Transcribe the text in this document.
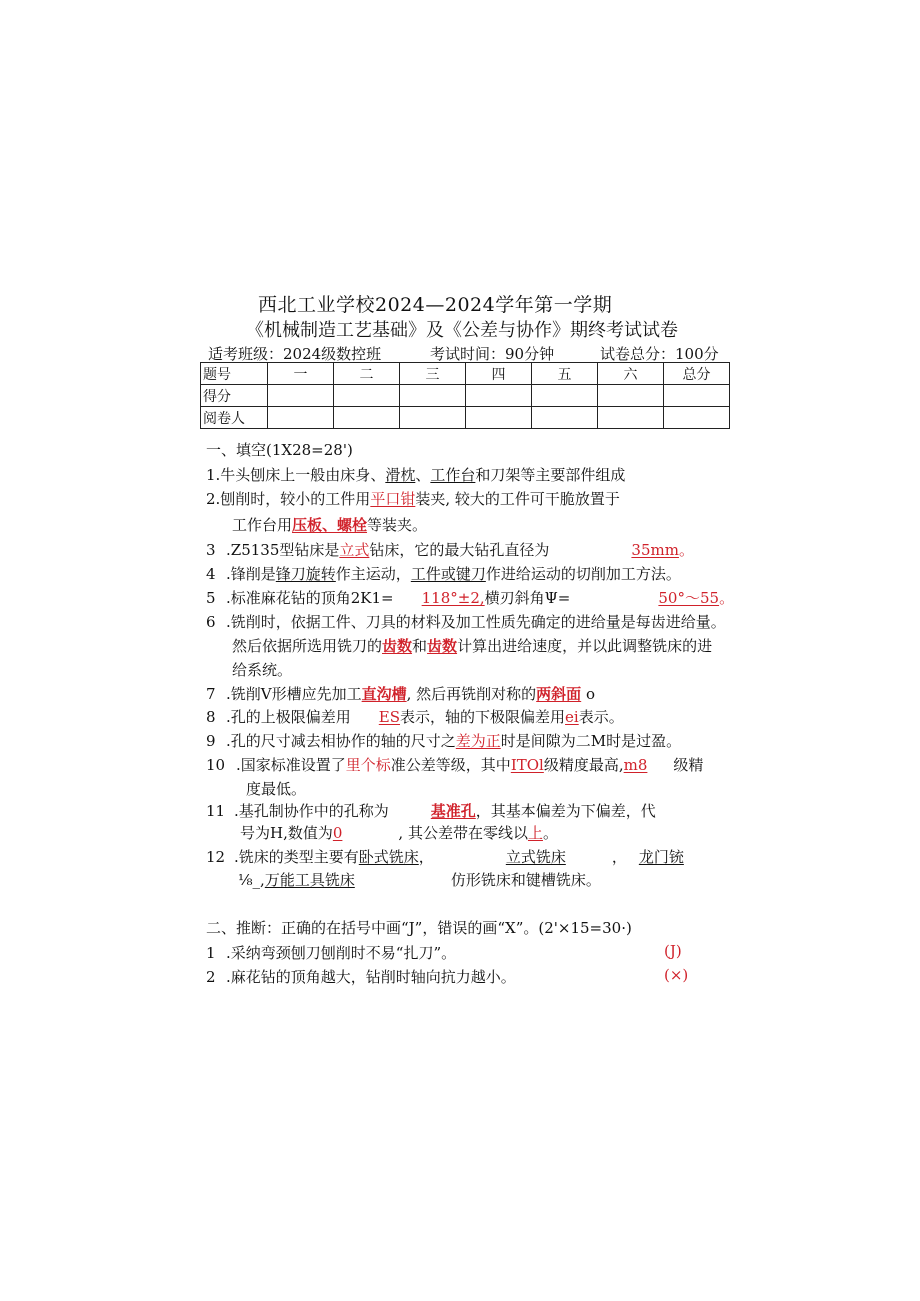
西北工业学校2024—2024学年第一学期
《机械制造工艺基础》及《公差与协作》期终考试试卷
适考班级：2024级数控班	考试时间：90分钟	试卷总分：100分
题号	一	二	三	四	五	六	总分
得分							
阅卷人							
一、填空(1X28=28')
1.牛头刨床上一般由床身、滑枕、工作台和刀架等主要部件组成
2.刨削时，较小的工件用平口钳装夹, 较大的工件可干脆放置于
工作台用压板、螺栓等装夹。
3 .Z5135型钻床是立式钻床，它的最大钻孔直径为	35mm。
4 .锋削是锋刀旋转作主运动，工件或键刀作进给运动的切削加工方法。
5 .标准麻花钻的顶角2K1= 118°±2,横刃斜角Ψ=	50°～55。
6 .铣削时，依据工件、刀具的材料及加工性质先确定的进给量是每齿进给量。
然后依据所选用铣刀的齿数和齿数计算出进给速度，并以此调整铣床的进
给系统。
7 .铣削V形槽应先加工直沟槽, 然后再铣削对称的两斜面 o
8 .孔的上极限偏差用 ES表示，轴的下极限偏差用ei表示。
9 .孔的尺寸减去相协作的轴的尺寸之差为正时是间隙为二M时是过盈。
10 .国家标准设置了里个标准公差等级，其中ITOl级精度最高,m8 级精
度最低。
11 .基孔制协作中的孔称为	基准孔，其基本偏差为下偏差，代
号为H,数值为0	, 其公差带在零线以上。
12 .铣床的类型主要有卧式铣床，	立式铣床	， 龙门铳
⅛_,万能工具铣床	仿形铣床和键槽铣床。
二、推断：正确的在括号中画“J”，错误的画“X”。(2'×15=30·)
1 .采纳弯颈刨刀刨削时不易“扎刀”。	(J)
2 .麻花钻的顶角越大，钻削时轴向抗力越小。	(×)
